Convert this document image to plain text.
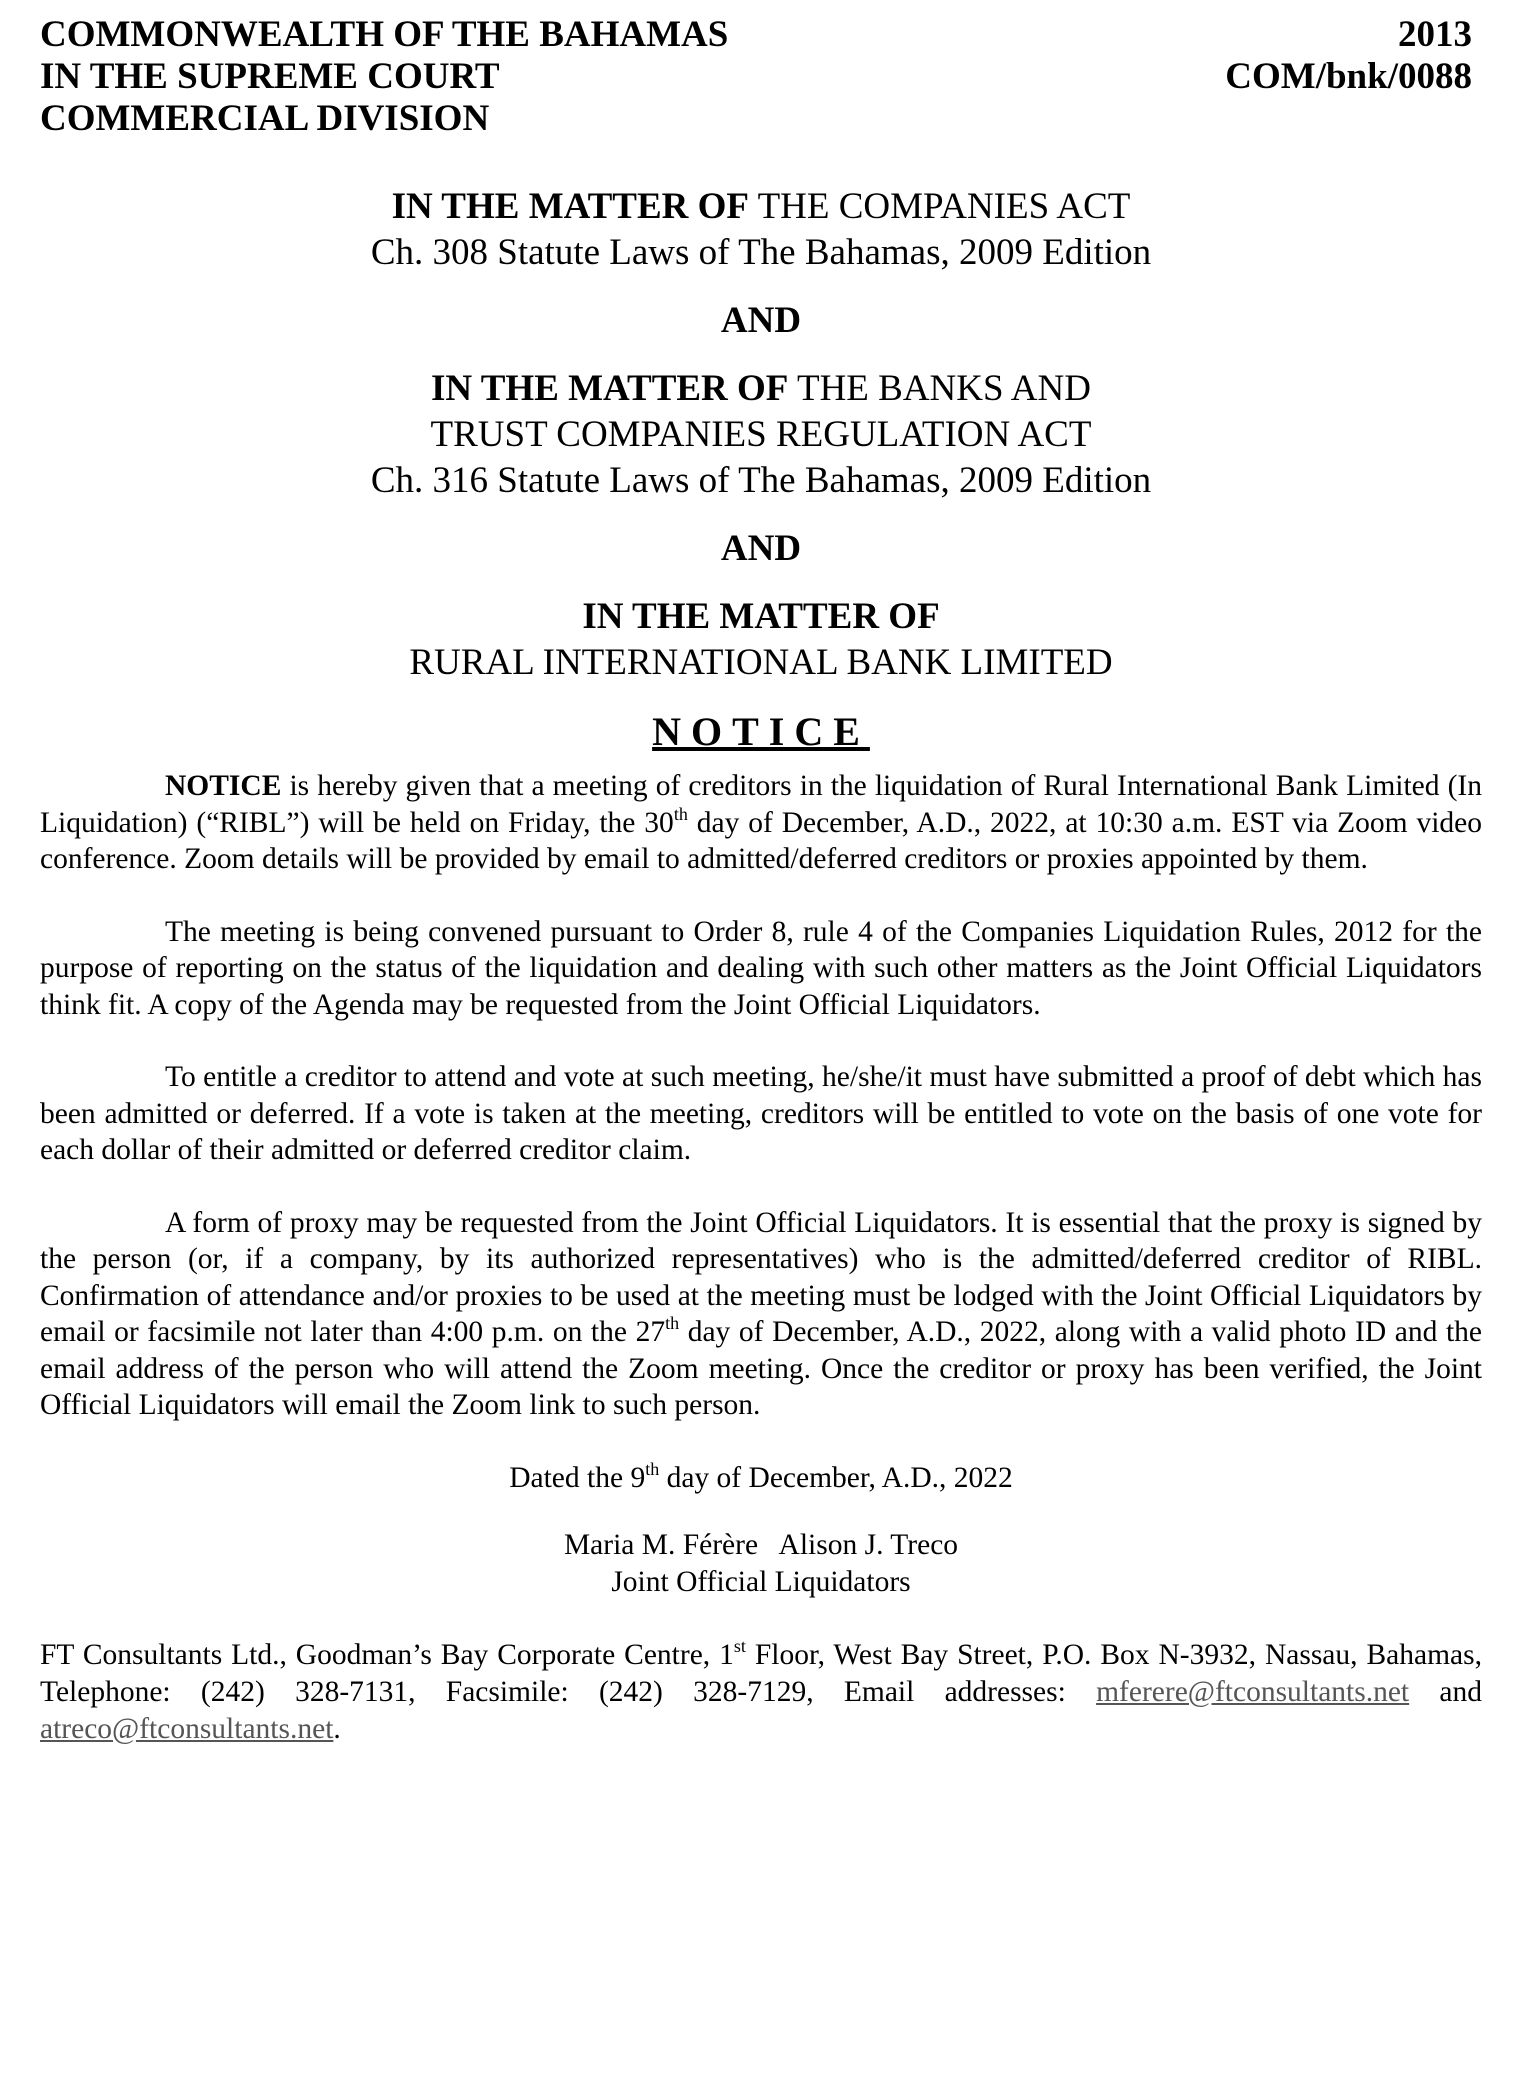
COMMONWEALTH OF THE BAHAMAS
IN THE SUPREME COURT
COMMERCIAL DIVISION
2013
COM/bnk/0088
IN THE MATTER OF THE COMPANIES ACT
Ch. 308 Statute Laws of The Bahamas, 2009 Edition
AND
IN THE MATTER OF THE BANKS AND
TRUST COMPANIES REGULATION ACT
Ch. 316 Statute Laws of The Bahamas, 2009 Edition
AND
IN THE MATTER OF
RURAL INTERNATIONAL BANK LIMITED
NOTICE

NOTICE is hereby given that a meeting of creditors in the liquidation of Rural International Bank Limited (In Liquidation) (“RIBL”) will be held on Friday, the 30th day of December, A.D., 2022, at 10:30 a.m. EST via Zoom video conference. Zoom details will be provided by email to admitted/deferred creditors or proxies appointed by them.

The meeting is being convened pursuant to Order 8, rule 4 of the Companies Liquidation Rules, 2012 for the purpose of reporting on the status of the liquidation and dealing with such other matters as the Joint Official Liquidators think fit. A copy of the Agenda may be requested from the Joint Official Liquidators.

To entitle a creditor to attend and vote at such meeting, he/she/it must have submitted a proof of debt which has been admitted or deferred. If a vote is taken at the meeting, creditors will be entitled to vote on the basis of one vote for each dollar of their admitted or deferred creditor claim.

A form of proxy may be requested from the Joint Official Liquidators. It is essential that the proxy is signed by the person (or, if a company, by its authorized representatives) who is the admitted/deferred creditor of RIBL. Confirmation of attendance and/or proxies to be used at the meeting must be lodged with the Joint Official Liquidators by email or facsimile not later than 4:00 p.m. on the 27th day of December, A.D., 2022, along with a valid photo ID and the email address of the person who will attend the Zoom meeting. Once the creditor or proxy has been verified, the Joint Official Liquidators will email the Zoom link to such person.

Dated the 9th day of December, A.D., 2022
Maria M. Férère   Alison J. Treco
Joint Official Liquidators
FT Consultants Ltd., Goodman’s Bay Corporate Centre, 1st Floor, West Bay Street, P.O. Box N-3932, Nassau, Bahamas, Telephone: (242) 328-7131, Facsimile: (242) 328-7129, Email addresses: mferere@ftconsultants.net and atreco@ftconsultants.net.
